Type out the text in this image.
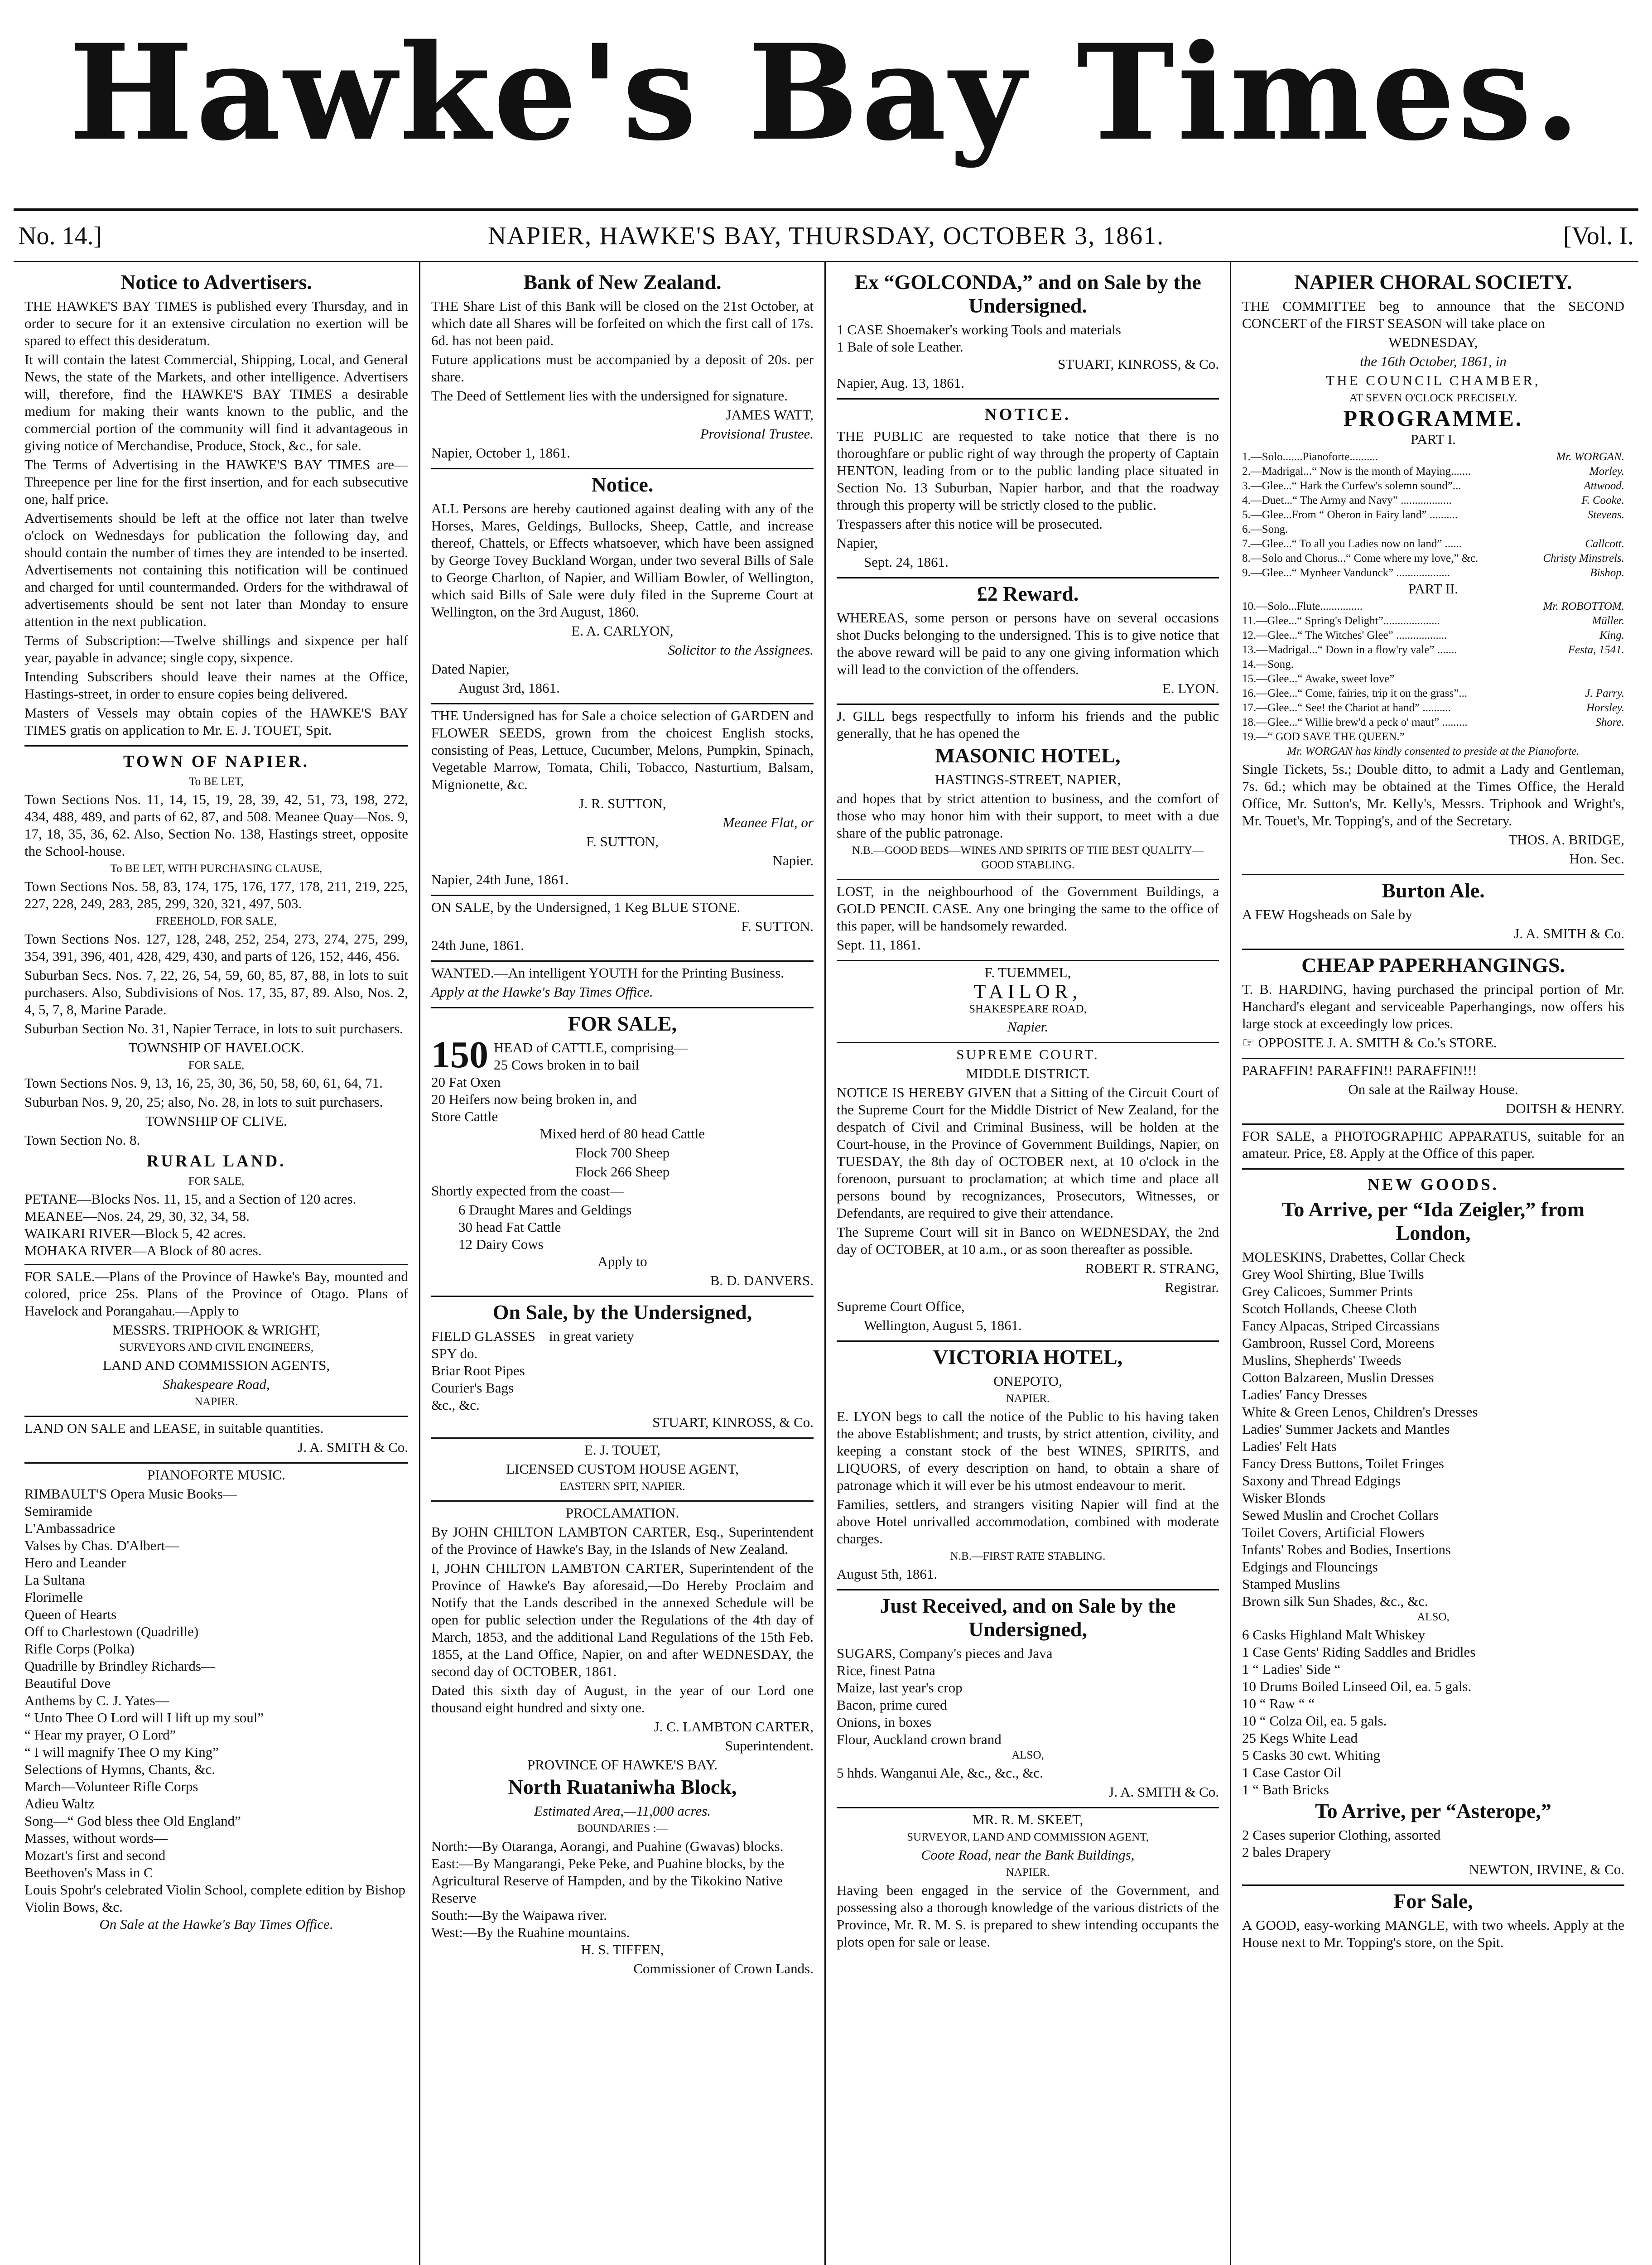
Hawke's Bay Times.
No. 14.]	NAPIER, HAWKE'S BAY, THURSDAY, OCTOBER 3, 1861.	[Vol. I.
Notice to Advertisers.

THE HAWKE'S BAY TIMES is published every Thursday, and in order to secure for it an extensive circulation no exertion will be spared to effect this desideratum.

It will contain the latest Commercial, Shipping, Local, and General News, the state of the Markets, and other intelligence. Advertisers will, therefore, find the HAWKE'S BAY TIMES a desirable medium for making their wants known to the public, and the commercial portion of the community will find it advantageous in giving notice of Merchandise, Produce, Stock, &c., for sale.

The Terms of Advertising in the HAWKE'S BAY TIMES are—Threepence per line for the first insertion, and for each subsecutive one, half price.

Advertisements should be left at the office not later than twelve o'clock on Wednesdays for publication the following day, and should contain the number of times they are intended to be inserted. Advertisements not containing this notification will be continued and charged for until countermanded. Orders for the withdrawal of advertisements should be sent not later than Monday to ensure attention in the next publication.

Terms of Subscription:—Twelve shillings and sixpence per half year, payable in advance; single copy, sixpence.

Intending Subscribers should leave their names at the Office, Hastings-street, in order to ensure copies being delivered.

Masters of Vessels may obtain copies of the HAWKE'S BAY TIMES gratis on application to Mr. E. J. TOUET, Spit.

TOWN OF NAPIER.

To BE LET,

Town Sections Nos. 11, 14, 15, 19, 28, 39, 42, 51, 73, 198, 272, 434, 488, 489, and parts of 62, 87, and 508. Meanee Quay—Nos. 9, 17, 18, 35, 36, 62. Also, Section No. 138, Hastings street, opposite the School-house.

To BE LET, WITH PURCHASING CLAUSE,

Town Sections Nos. 58, 83, 174, 175, 176, 177, 178, 211, 219, 225, 227, 228, 249, 283, 285, 299, 320, 321, 497, 503.

FREEHOLD, FOR SALE,

Town Sections Nos. 127, 128, 248, 252, 254, 273, 274, 275, 299, 354, 391, 396, 401, 428, 429, 430, and parts of 126, 152, 446, 456.

Suburban Secs. Nos. 7, 22, 26, 54, 59, 60, 85, 87, 88, in lots to suit purchasers. Also, Subdivisions of Nos. 17, 35, 87, 89. Also, Nos. 2, 4, 5, 7, 8, Marine Parade.

Suburban Section No. 31, Napier Terrace, in lots to suit purchasers.

TOWNSHIP OF HAVELOCK.

FOR SALE,

Town Sections Nos. 9, 13, 16, 25, 30, 36, 50, 58, 60, 61, 64, 71.

Suburban Nos. 9, 20, 25; also, No. 28, in lots to suit purchasers.

TOWNSHIP OF CLIVE.

Town Section No. 8.

RURAL LAND.

FOR SALE,

PETANE—Blocks Nos. 11, 15, and a Section of 120 acres.
MEANEE—Nos. 24, 29, 30, 32, 34, 58.
WAIKARI RIVER—Block 5, 42 acres.
MOHAKA RIVER—A Block of 80 acres.

FOR SALE.—Plans of the Province of Hawke's Bay, mounted and colored, price 25s. Plans of the Province of Otago. Plans of Havelock and Porangahau.—Apply to

MESSRS. TRIPHOOK & WRIGHT,

SURVEYORS AND CIVIL ENGINEERS,

LAND AND COMMISSION AGENTS,

Shakespeare Road,

NAPIER.

LAND ON SALE and LEASE, in suitable quantities.

J. A. SMITH & Co.

PIANOFORTE MUSIC.

RIMBAULT'S Opera Music Books—
Semiramide
L'Ambassadrice
Valses by Chas. D'Albert—
Hero and Leander
La Sultana
Florimelle
Queen of Hearts
Off to Charlestown (Quadrille)
Rifle Corps (Polka)
Quadrille by Brindley Richards—
Beautiful Dove
Anthems by C. J. Yates—
“ Unto Thee O Lord will I lift up my soul”
“ Hear my prayer, O Lord”
“ I will magnify Thee O my King”
Selections of Hymns, Chants, &c.
March—Volunteer Rifle Corps
Adieu Waltz
Song—“ God bless thee Old England”
Masses, without words—
Mozart's first and second
Beethoven's Mass in C
Louis Spohr's celebrated Violin School, complete edition by Bishop
Violin Bows, &c.

On Sale at the Hawke's Bay Times Office.

Bank of New Zealand.

THE Share List of this Bank will be closed on the 21st October, at which date all Shares will be forfeited on which the first call of 17s. 6d. has not been paid.

Future applications must be accompanied by a deposit of 20s. per share.

The Deed of Settlement lies with the undersigned for signature.

JAMES WATT,

Provisional Trustee.

Napier, October 1, 1861.

Notice.

ALL Persons are hereby cautioned against dealing with any of the Horses, Mares, Geldings, Bullocks, Sheep, Cattle, and increase thereof, Chattels, or Effects whatsoever, which have been assigned by George Tovey Buckland Worgan, under two several Bills of Sale to George Charlton, of Napier, and William Bowler, of Wellington, which said Bills of Sale were duly filed in the Supreme Court at Wellington, on the 3rd August, 1860.

E. A. CARLYON,

Solicitor to the Assignees.

Dated Napier,

August 3rd, 1861.

THE Undersigned has for Sale a choice selection of GARDEN and FLOWER SEEDS, grown from the choicest English stocks, consisting of Peas, Lettuce, Cucumber, Melons, Pumpkin, Spinach, Vegetable Marrow, Tomata, Chili, Tobacco, Nasturtium, Balsam, Mignionette, &c.

J. R. SUTTON,

Meanee Flat, or

F. SUTTON,

Napier.

Napier, 24th June, 1861.

ON SALE, by the Undersigned, 1 Keg BLUE STONE.

F. SUTTON.

24th June, 1861.

WANTED.—An intelligent YOUTH for the Printing Business.

Apply at the Hawke's Bay Times Office.

FOR SALE,
150 HEAD of CATTLE, comprising—
25 Cows broken in to bail
20 Fat Oxen
20 Heifers now being broken in, and
Store Cattle

Mixed herd of 80 head Cattle

Flock 700 Sheep

Flock 266 Sheep

Shortly expected from the coast—

6 Draught Mares and Geldings
30 head Fat Cattle
12 Dairy Cows

Apply to

B. D. DANVERS.

On Sale, by the Undersigned,
FIELD GLASSES
SPY do.
Briar Root Pipes
Courier's Bags
&c., &c.
in great variety

STUART, KINROSS, & Co.

E. J. TOUET,

LICENSED CUSTOM HOUSE AGENT,

EASTERN SPIT, NAPIER.

PROCLAMATION.

By JOHN CHILTON LAMBTON CARTER, Esq., Superintendent of the Province of Hawke's Bay, in the Islands of New Zealand.

I, JOHN CHILTON LAMBTON CARTER, Superintendent of the Province of Hawke's Bay aforesaid,—Do Hereby Proclaim and Notify that the Lands described in the annexed Schedule will be open for public selection under the Regulations of the 4th day of March, 1853, and the additional Land Regulations of the 15th Feb. 1855, at the Land Office, Napier, on and after WEDNESDAY, the second day of OCTOBER, 1861.

Dated this sixth day of August, in the year of our Lord one thousand eight hundred and sixty one.

J. C. LAMBTON CARTER,

Superintendent.

PROVINCE OF HAWKE'S BAY.

North Ruataniwha Block,

Estimated Area,—11,000 acres.

BOUNDARIES :—

North:—By Otaranga, Aorangi, and Puahine (Gwavas) blocks.
East:—By Mangarangi, Peke Peke, and Puahine blocks, by the Agricultural Reserve of Hampden, and by the Tikokino Native Reserve
South:—By the Waipawa river.
West:—By the Ruahine mountains.

H. S. TIFFEN,

Commissioner of Crown Lands.

Ex “GOLCONDA,” and on Sale by the Undersigned.
1 CASE Shoemaker's working Tools and materials
1 Bale of sole Leather.

STUART, KINROSS, & Co.

Napier, Aug. 13, 1861.

NOTICE.

THE PUBLIC are requested to take notice that there is no thoroughfare or public right of way through the property of Captain HENTON, leading from or to the public landing place situated in Section No. 13 Suburban, Napier harbor, and that the roadway through this property will be strictly closed to the public.

Trespassers after this notice will be prosecuted.

Napier,

Sept. 24, 1861.

£2 Reward.

WHEREAS, some person or persons have on several occasions shot Ducks belonging to the undersigned. This is to give notice that the above reward will be paid to any one giving information which will lead to the conviction of the offenders.

E. LYON.

J. GILL begs respectfully to inform his friends and the public generally, that he has opened the

MASONIC HOTEL,

HASTINGS-STREET, NAPIER,

and hopes that by strict attention to business, and the comfort of those who may honor him with their support, to meet with a due share of the public patronage.

N.B.—GOOD BEDS—WINES AND SPIRITS OF THE BEST QUALITY—GOOD STABLING.

LOST, in the neighbourhood of the Government Buildings, a GOLD PENCIL CASE. Any one bringing the same to the office of this paper, will be handsomely rewarded.

Sept. 11, 1861.

F. TUEMMEL,

TAILOR,

SHAKESPEARE ROAD,

Napier.

SUPREME COURT.

MIDDLE DISTRICT.

NOTICE IS HEREBY GIVEN that a Sitting of the Circuit Court of the Supreme Court for the Middle District of New Zealand, for the despatch of Civil and Criminal Business, will be holden at the Court-house, in the Province of Government Buildings, Napier, on TUESDAY, the 8th day of OCTOBER next, at 10 o'clock in the forenoon, pursuant to proclamation; at which time and place all persons bound by recognizances, Prosecutors, Witnesses, or Defendants, are required to give their attendance.

The Supreme Court will sit in Banco on WEDNESDAY, the 2nd day of OCTOBER, at 10 a.m., or as soon thereafter as possible.

ROBERT R. STRANG,

Registrar.

Supreme Court Office,

Wellington, August 5, 1861.

VICTORIA HOTEL,

ONEPOTO,

NAPIER.

E. LYON begs to call the notice of the Public to his having taken the above Establishment; and trusts, by strict attention, civility, and keeping a constant stock of the best WINES, SPIRITS, and LIQUORS, of every description on hand, to obtain a share of patronage which it will ever be his utmost endeavour to merit.

Families, settlers, and strangers visiting Napier will find at the above Hotel unrivalled accommodation, combined with moderate charges.

N.B.—FIRST RATE STABLING.

August 5th, 1861.

Just Received, and on Sale by the Undersigned,
SUGARS, Company's pieces and Java
Rice, finest Patna
Maize, last year's crop
Bacon, prime cured
Onions, in boxes
Flour, Auckland crown brand

ALSO,

5 hhds. Wanganui Ale, &c., &c., &c.

J. A. SMITH & Co.

MR. R. M. SKEET,

SURVEYOR, LAND AND COMMISSION AGENT,

Coote Road, near the Bank Buildings,

NAPIER.

Having been engaged in the service of the Government, and possessing also a thorough knowledge of the various districts of the Province, Mr. R. M. S. is prepared to shew intending occupants the plots open for sale or lease.

NAPIER CHORAL SOCIETY.

THE COMMITTEE beg to announce that the SECOND CONCERT of the FIRST SEASON will take place on

WEDNESDAY,

the 16th October, 1861, in

THE COUNCIL CHAMBER,

AT SEVEN O'CLOCK PRECISELY.

PROGRAMME.

PART I.

1.—Solo.......Pianoforte..........	Mr. WORGAN.
2.—Madrigal...“ Now is the month of Maying.......	Morley.
3.—Glee...“ Hark the Curfew's solemn sound”...	Attwood.
4.—Duet...“ The Army and Navy” ..................	F. Cooke.
5.—Glee...From “ Oberon in Fairy land” ..........	Stevens.
6.—Song.
7.—Glee...“ To all you Ladies now on land” ......	Callcott.
8.—Solo and Chorus...“ Come where my love,” &c.	Christy Minstrels.
9.—Glee...“ Mynheer Vandunck” ...................	Bishop.

PART II.

10.—Solo...Flute...............	Mr. ROBOTTOM.
11.—Glee...“ Spring's Delight”....................	Müller.
12.—Glee...“ The Witches' Glee” ..................	King.
13.—Madrigal...“ Down in a flow'ry vale” .......	Festa, 1541.
14.—Song.
15.—Glee...“ Awake, sweet love”
16.—Glee...“ Come, fairies, trip it on the grass”...	J. Parry.
17.—Glee...“ See! the Chariot at hand” ..........	Horsley.
18.—Glee...“ Willie brew'd a peck o' maut” .........	Shore.
19.—“ GOD SAVE THE QUEEN.”

Mr. WORGAN has kindly consented to preside at the Pianoforte.

Single Tickets, 5s.; Double ditto, to admit a Lady and Gentleman, 7s. 6d.; which may be obtained at the Times Office, the Herald Office, Mr. Sutton's, Mr. Kelly's, Messrs. Triphook and Wright's, Mr. Touet's, Mr. Topping's, and of the Secretary.

THOS. A. BRIDGE,

Hon. Sec.

Burton Ale.

A FEW Hogsheads on Sale by

J. A. SMITH & Co.

CHEAP PAPERHANGINGS.

T. B. HARDING, having purchased the principal portion of Mr. Hanchard's elegant and serviceable Paperhangings, now offers his large stock at exceedingly low prices.

☞ OPPOSITE J. A. SMITH & Co.'s STORE.

PARAFFIN! PARAFFIN!! PARAFFIN!!!

On sale at the Railway House.

DOITSH & HENRY.

FOR SALE, a PHOTOGRAPHIC APPARATUS, suitable for an amateur. Price, £8. Apply at the Office of this paper.

NEW GOODS.
To Arrive, per “Ida Zeigler,” from London,
MOLESKINS, Drabettes, Collar Check
Grey Wool Shirting, Blue Twills
Grey Calicoes, Summer Prints
Scotch Hollands, Cheese Cloth
Fancy Alpacas, Striped Circassians
Gambroon, Russel Cord, Moreens
Muslins, Shepherds' Tweeds
Cotton Balzareen, Muslin Dresses
Ladies' Fancy Dresses
White & Green Lenos, Children's Dresses
Ladies' Summer Jackets and Mantles
Ladies' Felt Hats
Fancy Dress Buttons, Toilet Fringes
Saxony and Thread Edgings
Wisker Blonds
Sewed Muslin and Crochet Collars
Toilet Covers, Artificial Flowers
Infants' Robes and Bodies, Insertions
Edgings and Flouncings
Stamped Muslins
Brown silk Sun Shades, &c., &c.

ALSO,

6 Casks Highland Malt Whiskey
1 Case Gents' Riding Saddles and Bridles
1 “ Ladies' Side “
10 Drums Boiled Linseed Oil, ea. 5 gals.
10 “ Raw “ “
10 “ Colza Oil, ea. 5 gals.
25 Kegs White Lead
5 Casks 30 cwt. Whiting
1 Case Castor Oil
1 “ Bath Bricks
To Arrive, per “Asterope,”
2 Cases superior Clothing, assorted
2 bales Drapery

NEWTON, IRVINE, & Co.

For Sale,

A GOOD, easy-working MANGLE, with two wheels. Apply at the House next to Mr. Topping's store, on the Spit.
